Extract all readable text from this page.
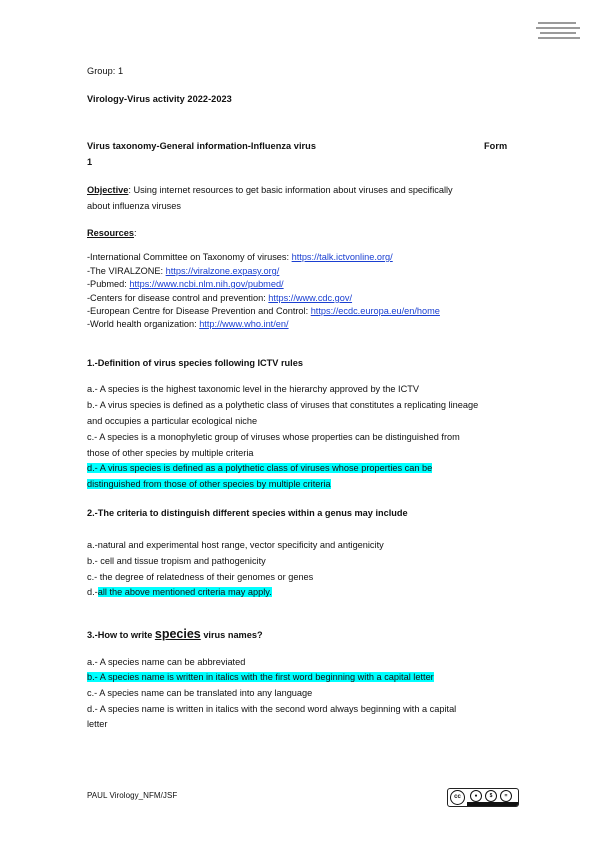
Group: 1
Virology-Virus activity 2022-2023
Virus taxonomy-General information-Influenza virus	Form
1
Objective: Using internet resources to get basic information about viruses and specifically
about influenza viruses
Resources:
-International Committee on Taxonomy of viruses: https://talk.ictvonline.org/
-The VIRALZONE: https://viralzone.expasy.org/
-Pubmed: https://www.ncbi.nlm.nih.gov/pubmed/
-Centers for disease control and prevention: https://www.cdc.gov/
-European Centre for Disease Prevention and Control: https://ecdc.europa.eu/en/home
-World health organization: http://www.who.int/en/
1.-Definition of virus species following ICTV rules
a.- A species is the highest taxonomic level in the hierarchy approved by the ICTV
b.- A virus species is defined as a polythetic class of viruses that constitutes a replicating lineage
and occupies a particular ecological niche
c.- A species is a monophyletic group of viruses whose properties can be distinguished from
those of other species by multiple criteria
d.- A virus species is defined as a polythetic class of viruses whose properties can be
distinguished from those of other species by multiple criteria
2.-The criteria to distinguish different species within a genus may include
a.-natural and experimental host range, vector specificity and antigenicity
b.- cell and tissue tropism and pathogenicity
c.- the degree of relatedness of their genomes or genes
d.-all the above mentioned criteria may apply.
3.-How to write species virus names?
a.- A species name can be abbreviated
b.- A species name is written in italics with the first word beginning with a capital letter
c.- A species name can be translated into any language
d.- A species name is written in italics with the second word always beginning with a capital
letter
PAUL Virology_NFM/JSF	cc	●	$	=
